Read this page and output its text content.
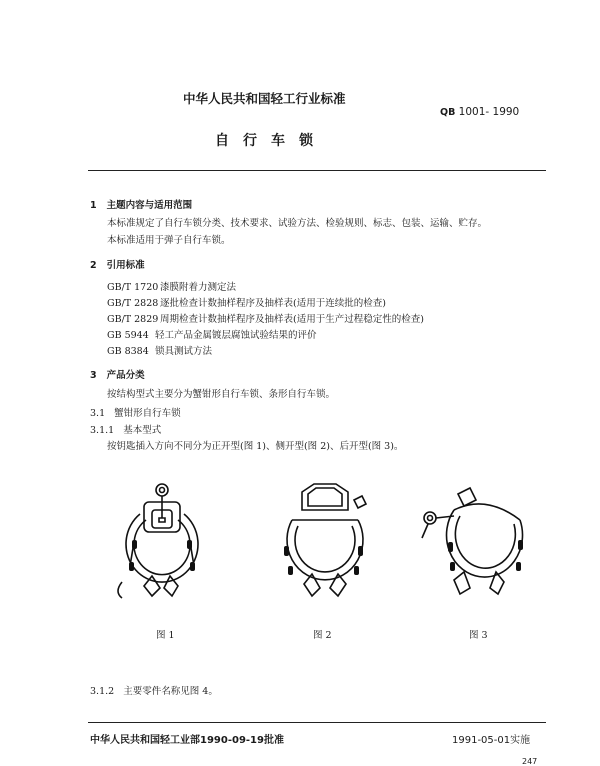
中华人民共和国轻工行业标准
QB 1001- 1990
自行车锁
1 主题内容与适用范围
本标准规定了自行车锁分类、技术要求、试验方法、检验规则、标志、包装、运输、贮存。
本标准适用于弹子自行车锁。
2 引用标准
GB/T 1720 漆膜附着力测定法
GB/T 2828 逐批检查计数抽样程序及抽样表(适用于连续批的检查)
GB/T 2829 周期检查计数抽样程序及抽样表(适用于生产过程稳定性的检查)
GB 5944 轻工产品金属镀层腐蚀试验结果的评价
GB 8384 锁具测试方法
3 产品分类
按结构型式主要分为蟹钳形自行车锁、条形自行车锁。
3.1 蟹钳形自行车锁
3.1.1 基本型式
按钥匙插入方向不同分为正开型(图 1)、侧开型(图 2)、后开型(图 3)。
图 1	图 2	图 3
3.1.2 主要零件名称见图 4。
中华人民共和国轻工业部1990-09-19批准	1991-05-01实施
247
